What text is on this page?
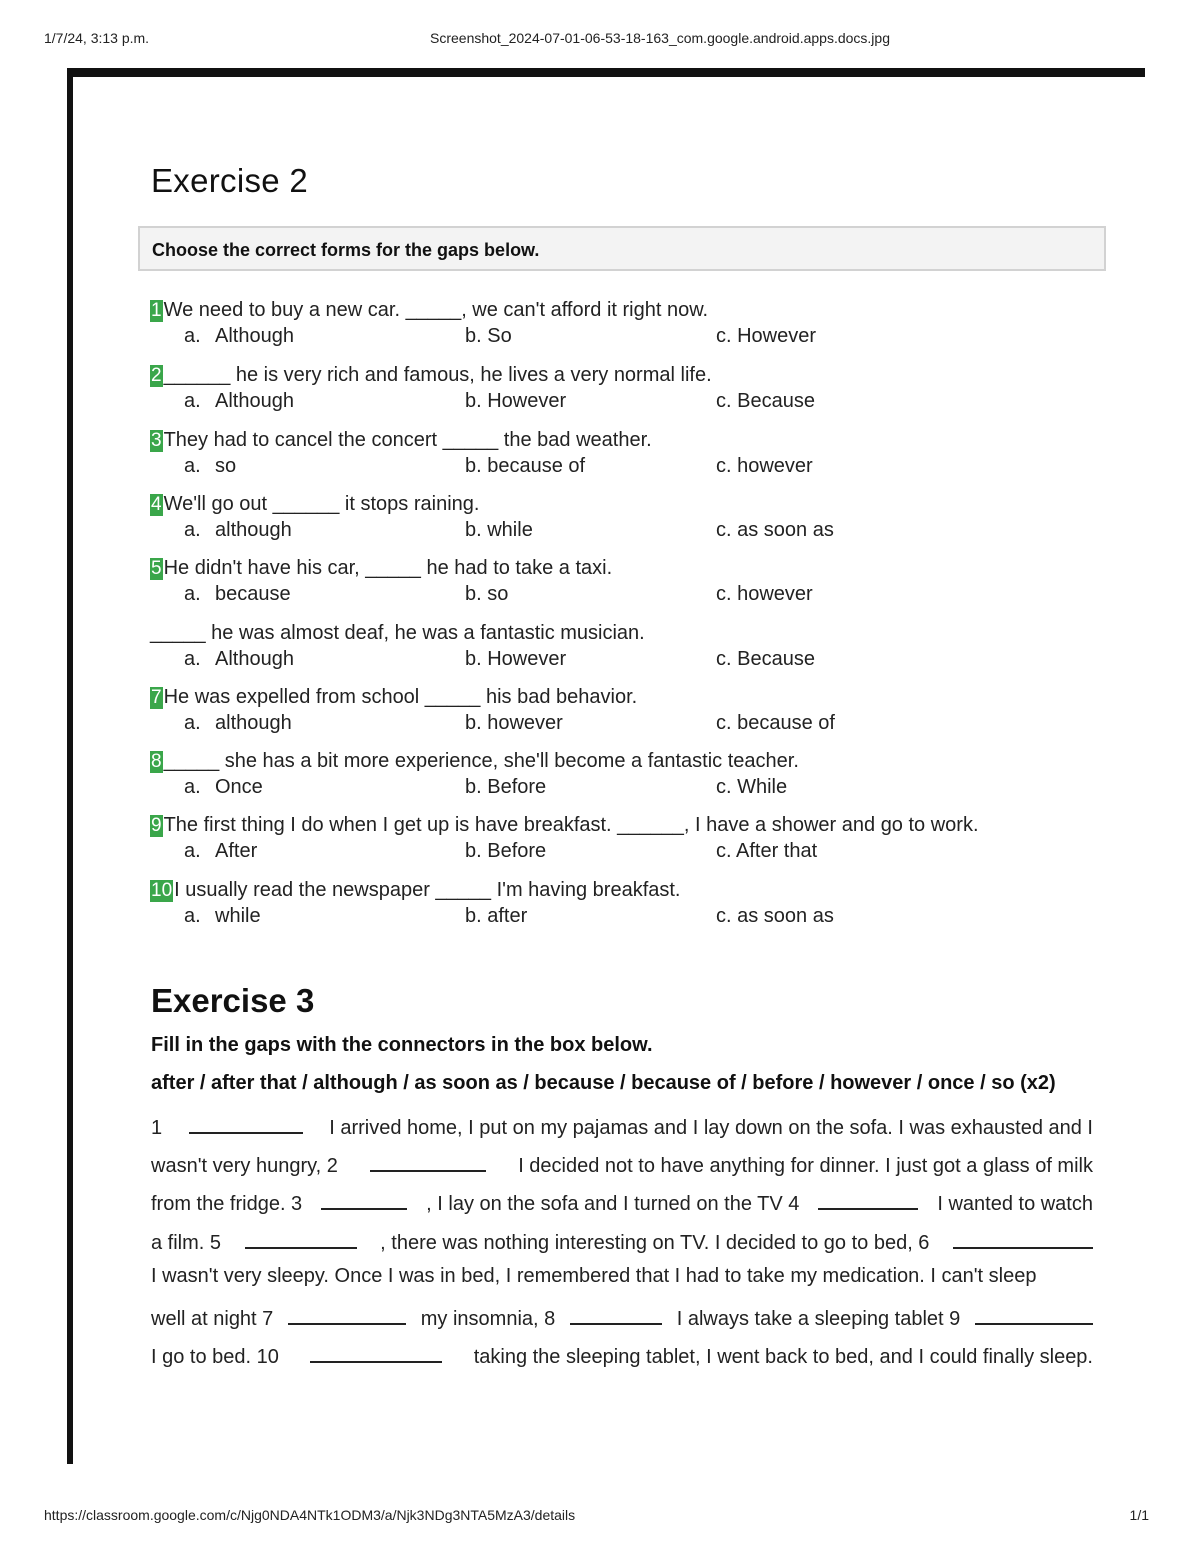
1/7/24, 3:13 p.m.	Screenshot_2024-07-01-06-53-18-163_com.google.android.apps.docs.jpg
Exercise 2
Choose the correct forms for the gaps below.
1 We need to buy a new car. _____, we can't afford it right now.
a. Although	b. So	c. However
2 ______ he is very rich and famous, he lives a very normal life.
a. Although	b. However	c. Because
3 They had to cancel the concert _____ the bad weather.
a. so	b. because of	c. however
4 We'll go out ______ it stops raining.
a. although	b. while	c. as soon as
5 He didn't have his car, _____ he had to take a taxi.
a. because	b. so	c. however
_____ he was almost deaf, he was a fantastic musician.
a. Although	b. However	c. Because
7 He was expelled from school _____ his bad behavior.
a. although	b. however	c. because of
8 _____ she has a bit more experience, she'll become a fantastic teacher.
a. Once	b. Before	c. While
9 The first thing I do when I get up is have breakfast. ______, I have a shower and go to work.
a. After	b. Before	c. After that
10 I usually read the newspaper _____ I'm having breakfast.
a. while	b. after	c. as soon as
Exercise 3
Fill in the gaps with the connectors in the box below.
after / after that / although / as soon as / because / because of / before / however / once / so (x2)
1	I arrived home, I put on my pajamas and I lay down on the sofa. I was exhausted and I
wasn't very hungry, 2	I decided not to have anything for dinner. I just got a glass of milk
from the fridge. 3	, I lay on the sofa and I turned on the TV 4	I wanted to watch
a film. 5	, there was nothing interesting on TV. I decided to go to bed, 6
I wasn't very sleepy. Once I was in bed, I remembered that I had to take my medication. I can't sleep
well at night 7	my insomnia, 8	I always take a sleeping tablet 9
I go to bed. 10	taking the sleeping tablet, I went back to bed, and I could finally sleep.
https://classroom.google.com/c/Njg0NDA4NTk1ODM3/a/Njk3NDg3NTA5MzA3/details	1/1
